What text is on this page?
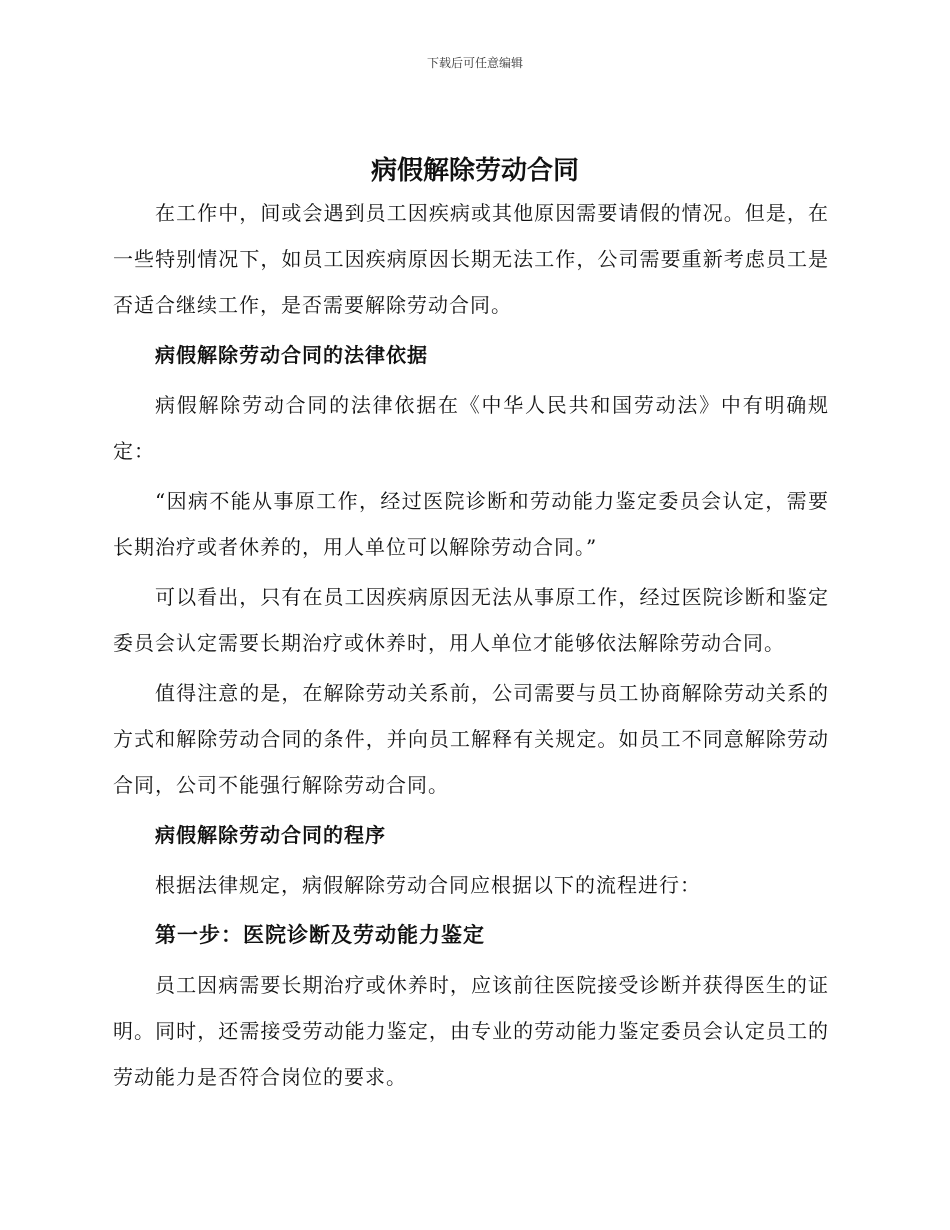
下载后可任意编辑
病假解除劳动合同

在工作中，间或会遇到员工因疾病或其他原因需要请假的情况。但是，在一些特别情况下，如员工因疾病原因长期无法工作，公司需要重新考虑员工是否适合继续工作，是否需要解除劳动合同。

病假解除劳动合同的法律依据

病假解除劳动合同的法律依据在《中华人民共和国劳动法》中有明确规定：

“因病不能从事原工作，经过医院诊断和劳动能力鉴定委员会认定，需要长期治疗或者休养的，用人单位可以解除劳动合同。”

可以看出，只有在员工因疾病原因无法从事原工作，经过医院诊断和鉴定委员会认定需要长期治疗或休养时，用人单位才能够依法解除劳动合同。

值得注意的是，在解除劳动关系前，公司需要与员工协商解除劳动关系的方式和解除劳动合同的条件，并向员工解释有关规定。如员工不同意解除劳动合同，公司不能强行解除劳动合同。

病假解除劳动合同的程序

根据法律规定，病假解除劳动合同应根据以下的流程进行：

第一步：医院诊断及劳动能力鉴定

员工因病需要长期治疗或休养时，应该前往医院接受诊断并获得医生的证明。同时，还需接受劳动能力鉴定，由专业的劳动能力鉴定委员会认定员工的劳动能力是否符合岗位的要求。
